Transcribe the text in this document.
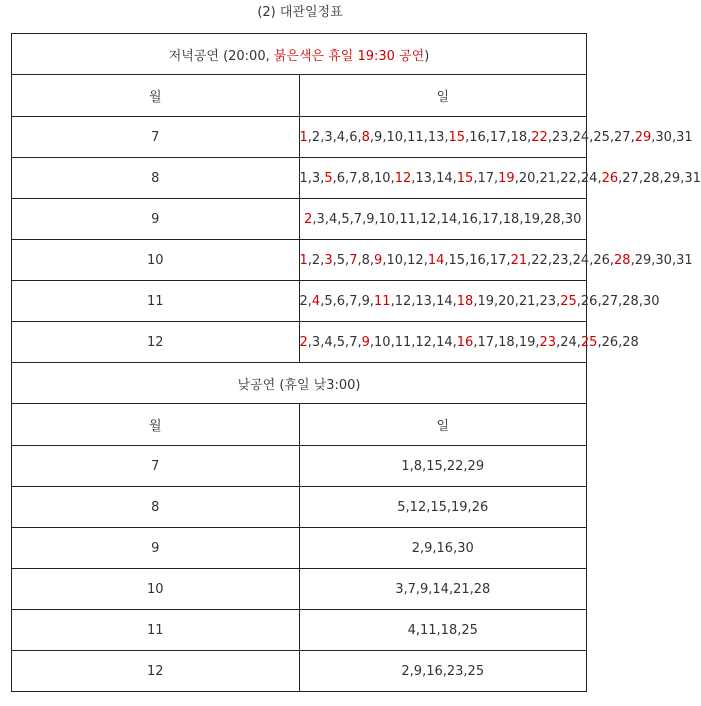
(2) 대관일정표
저녁공연 (20:00, 붉은색은 휴일 19:30 공연)	
월	일
7	1,2,3,4,6,8,9,10,11,13,15,16,17,18,22,23,24,25,27,29,30,31
8	1,3,5,6,7,8,10,12,13,14,15,17,19,20,21,22,24,26,27,28,29,31
9	2,3,4,5,7,9,10,11,12,14,16,17,18,19,28,30
10	1,2,3,5,7,8,9,10,12,14,15,16,17,21,22,23,24,26,28,29,30,31
11	2,4,5,6,7,9,11,12,13,14,18,19,20,21,23,25,26,27,28,30
12	2,3,4,5,7,9,10,11,12,14,16,17,18,19,23,24,25,26,28
낮공연 (휴일 낮3:00)	
월	일
7	1,8,15,22,29
8	5,12,15,19,26
9	2,9,16,30
10	3,7,9,14,21,28
11	4,11,18,25
12	2,9,16,23,25
